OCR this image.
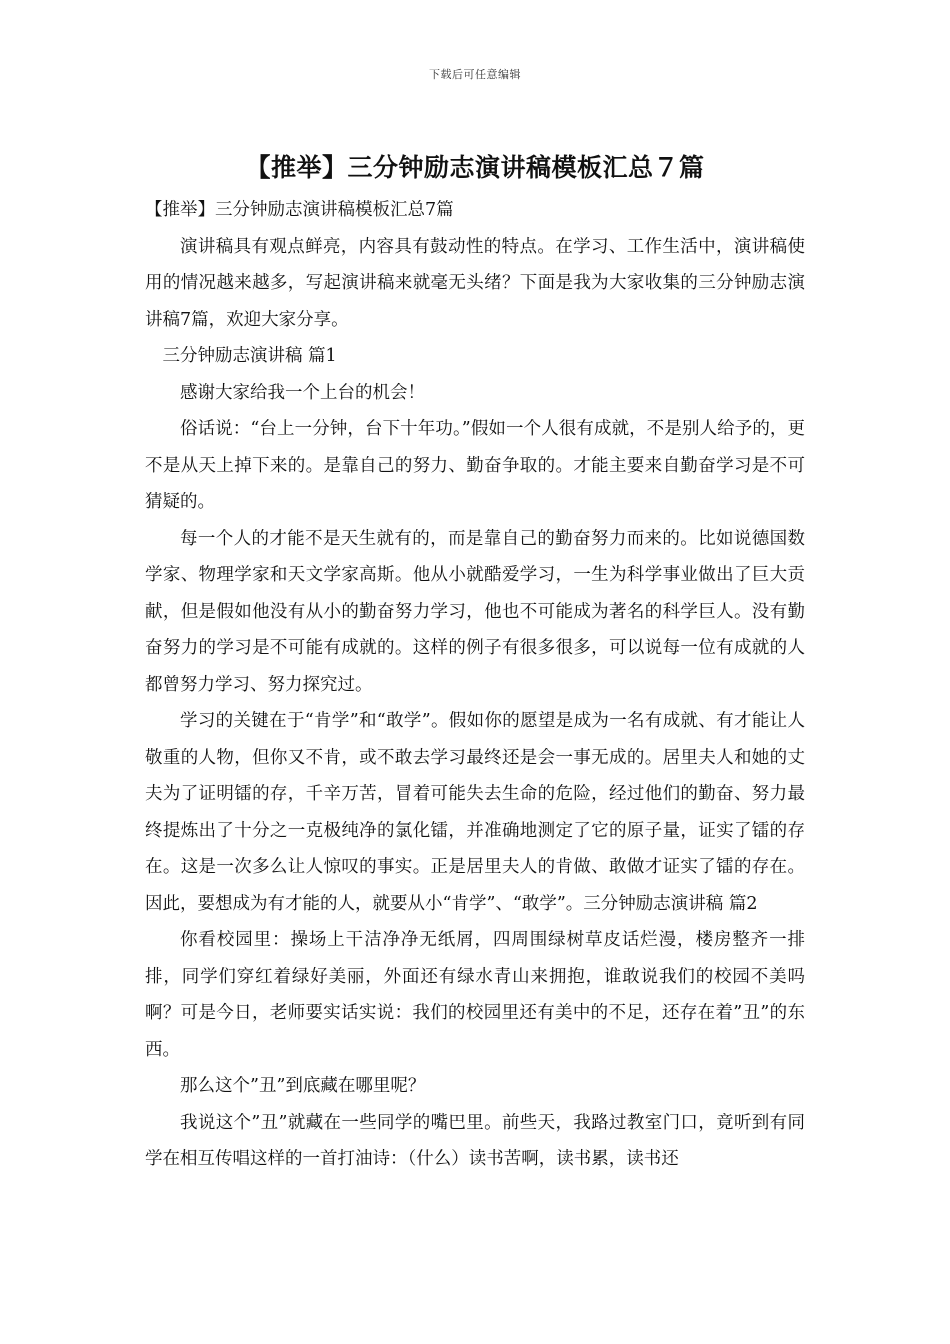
下载后可任意编辑
【推举】三分钟励志演讲稿模板汇总７篇

【推举】三分钟励志演讲稿模板汇总7篇

演讲稿具有观点鲜亮，内容具有鼓动性的特点。在学习、工作生活中，演讲稿使用的情况越来越多，写起演讲稿来就毫无头绪？下面是我为大家收集的三分钟励志演讲稿7篇，欢迎大家分享。

三分钟励志演讲稿 篇1

感谢大家给我一个上台的机会！

俗话说：“台上一分钟，台下十年功。”假如一个人很有成就，不是别人给予的，更不是从天上掉下来的。是靠自己的努力、勤奋争取的。才能主要来自勤奋学习是不可猜疑的。

每一个人的才能不是天生就有的，而是靠自己的勤奋努力而来的。比如说德国数学家、物理学家和天文学家高斯。他从小就酷爱学习，一生为科学事业做出了巨大贡献，但是假如他没有从小的勤奋努力学习，他也不可能成为著名的科学巨人。没有勤奋努力的学习是不可能有成就的。这样的例子有很多很多，可以说每一位有成就的人都曾努力学习、努力探究过。

学习的关键在于“肯学”和“敢学”。假如你的愿望是成为一名有成就、有才能让人敬重的人物，但你又不肯，或不敢去学习最终还是会一事无成的。居里夫人和她的丈夫为了证明镭的存，千辛万苦，冒着可能失去生命的危险，经过他们的勤奋、努力最终提炼出了十分之一克极纯净的氯化镭，并准确地测定了它的原子量，证实了镭的存在。这是一次多么让人惊叹的事实。正是居里夫人的肯做、敢做才证实了镭的存在。因此，要想成为有才能的人，就要从小“肯学”、“敢学”。三分钟励志演讲稿 篇2

你看校园里：操场上干洁净净无纸屑，四周围绿树草皮话烂漫，楼房整齐一排排，同学们穿红着绿好美丽，外面还有绿水青山来拥抱，谁敢说我们的校园不美吗啊？可是今日，老师要实话实说：我们的校园里还有美中的不足，还存在着”丑”的东西。

那么这个”丑”到底藏在哪里呢？

我说这个”丑”就藏在一些同学的嘴巴里。前些天，我路过教室门口，竟听到有同学在相互传唱这样的一首打油诗：（什么）读书苦啊，读书累，读书还
